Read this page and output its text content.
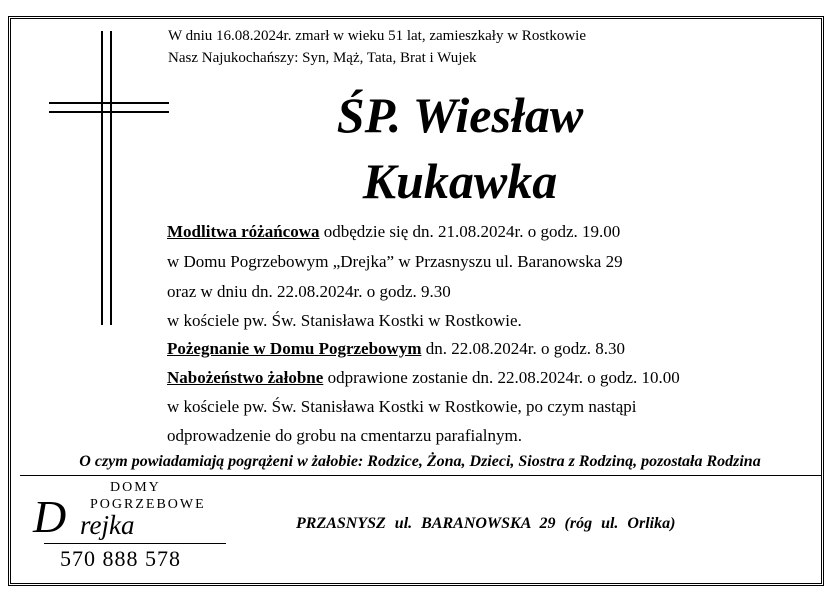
W dniu 16.08.2024r. zmarł w wieku 51 lat, zamieszkały w Rostkowie
Nasz Najukochańszy: Syn, Mąż, Tata, Brat i Wujek
ŚP. Wiesław
Kukawka
Modlitwa różańcowa odbędzie się dn. 21.08.2024r. o godz. 19.00
w Domu Pogrzebowym „Drejka” w Przasnyszu ul. Baranowska 29
oraz w dniu dn. 22.08.2024r. o godz. 9.30
w kościele pw. Św. Stanisława Kostki w Rostkowie.
Pożegnanie w Domu Pogrzebowym dn. 22.08.2024r. o godz. 8.30
Nabożeństwo żałobne odprawione zostanie dn. 22.08.2024r. o godz. 10.00
w kościele pw. Św. Stanisława Kostki w Rostkowie, po czym nastąpi
odprowadzenie do grobu na cmentarzu parafialnym.
O czym powiadamiają pogrążeni w żałobie: Rodzice, Żona, Dzieci, Siostra z Rodziną, pozostała Rodzina
DOMY
POGRZEBOWE
D rejka
570 888 578
PRZASNYSZ ul. BARANOWSKA 29 (róg ul. Orlika)
